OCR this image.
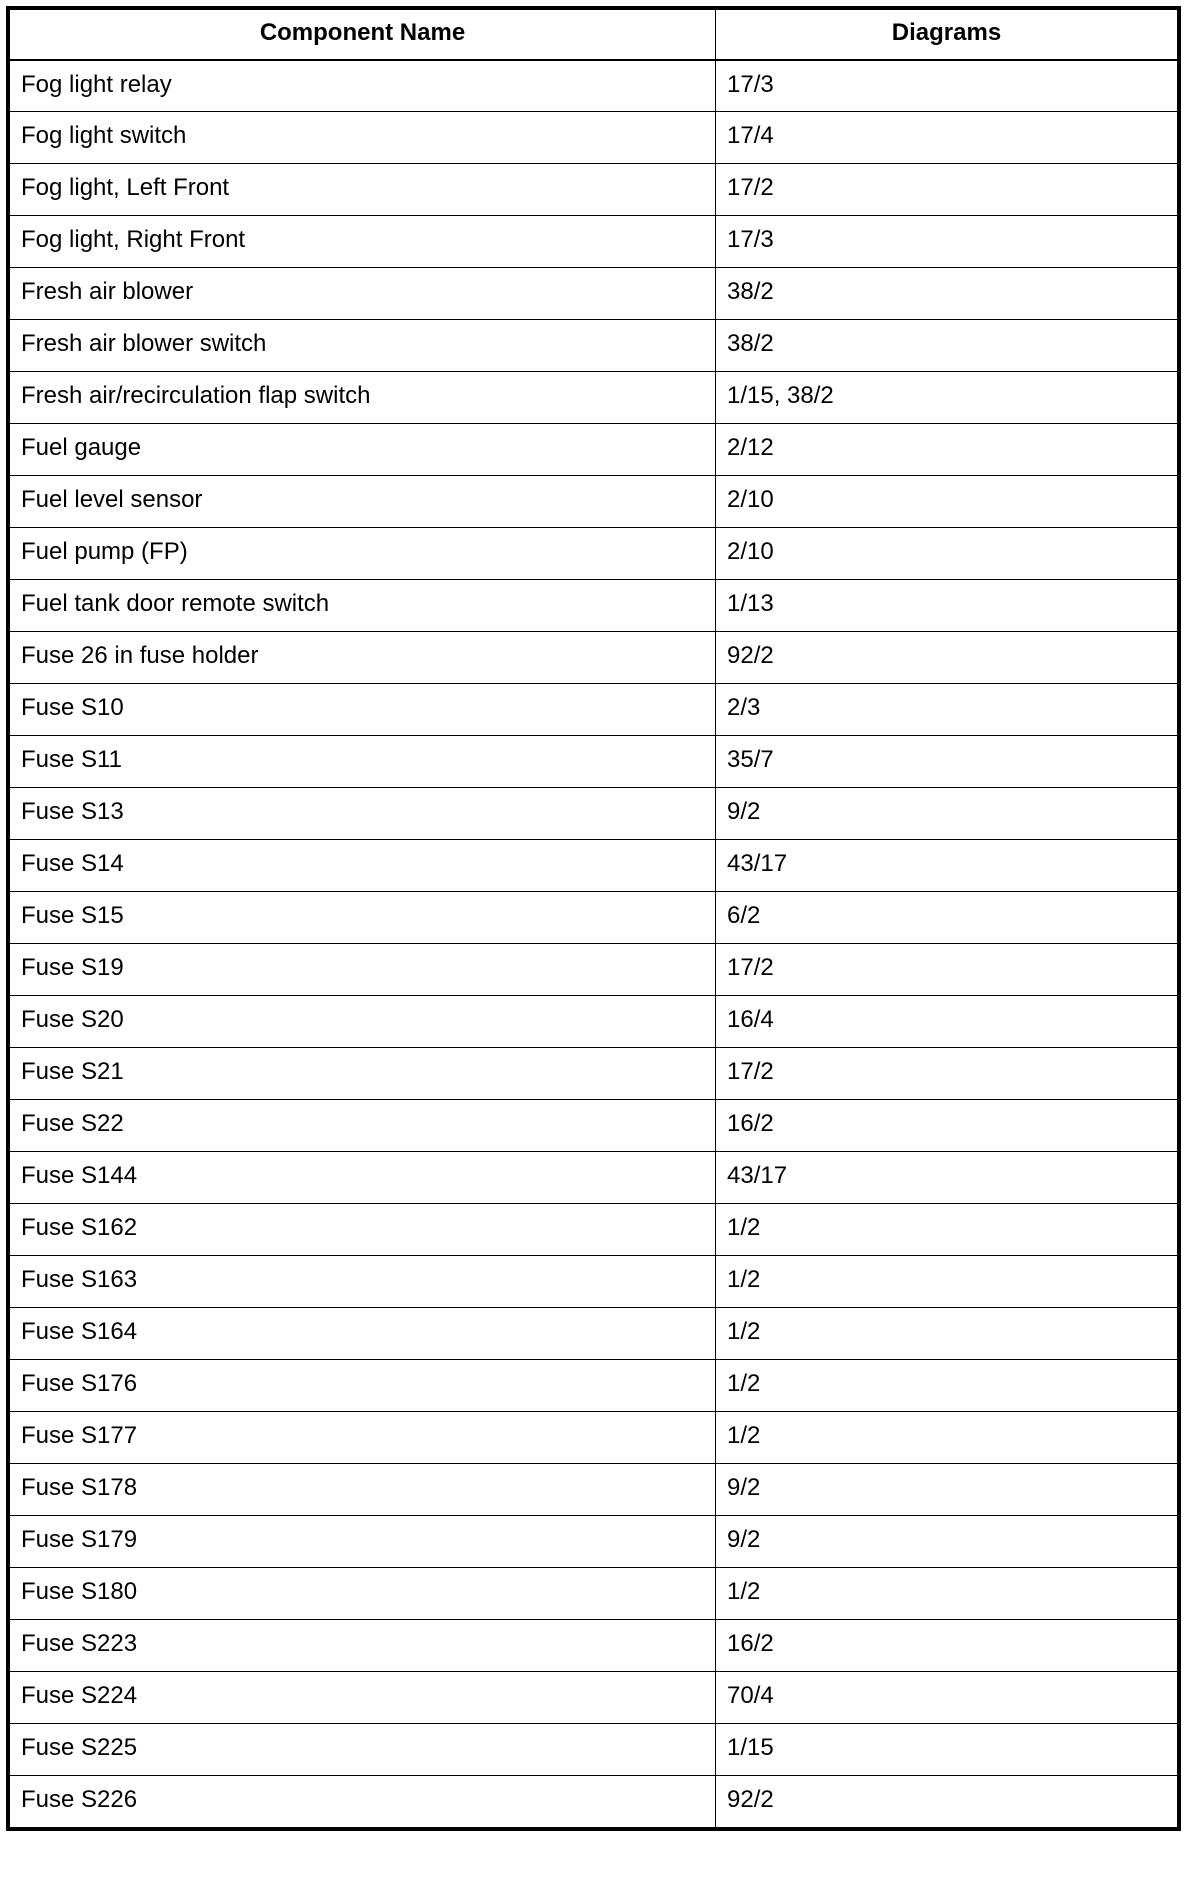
Component Name	Diagrams
Fog light relay	17/3
Fog light switch	17/4
Fog light, Left Front	17/2
Fog light, Right Front	17/3
Fresh air blower	38/2
Fresh air blower switch	38/2
Fresh air/recirculation flap switch	1/15, 38/2
Fuel gauge	2/12
Fuel level sensor	2/10
Fuel pump (FP)	2/10
Fuel tank door remote switch	1/13
Fuse 26 in fuse holder	92/2
Fuse S10	2/3
Fuse S11	35/7
Fuse S13	9/2
Fuse S14	43/17
Fuse S15	6/2
Fuse S19	17/2
Fuse S20	16/4
Fuse S21	17/2
Fuse S22	16/2
Fuse S144	43/17
Fuse S162	1/2
Fuse S163	1/2
Fuse S164	1/2
Fuse S176	1/2
Fuse S177	1/2
Fuse S178	9/2
Fuse S179	9/2
Fuse S180	1/2
Fuse S223	16/2
Fuse S224	70/4
Fuse S225	1/15
Fuse S226	92/2
